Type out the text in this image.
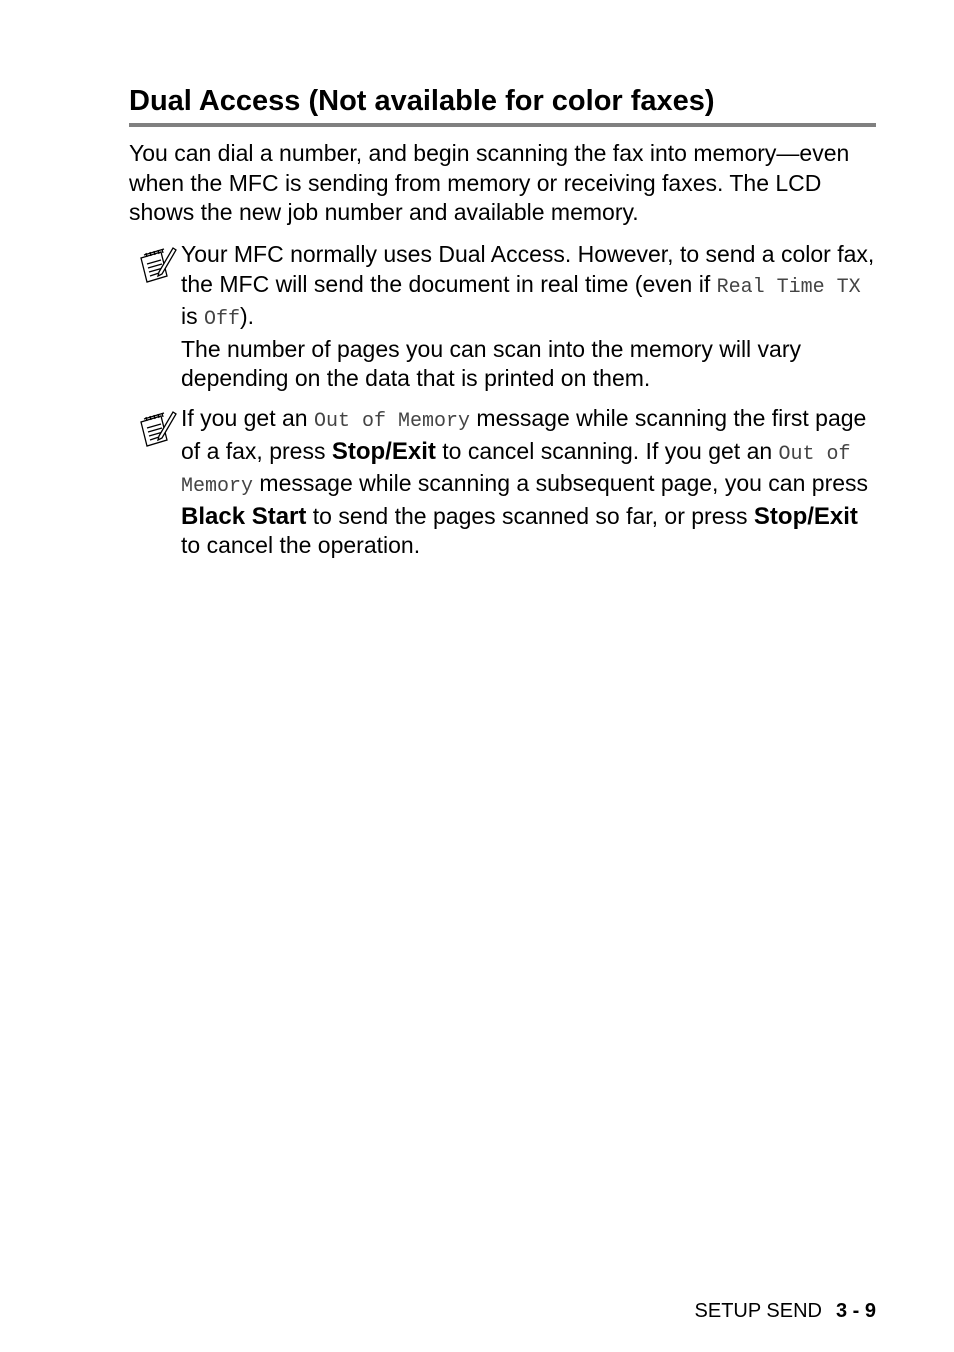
Dual Access (Not available for color faxes)

You can dial a number, and begin scanning the fax into memory—even when the MFC is sending from memory or receiving faxes. The LCD shows the new job number and available memory.

Your MFC normally uses Dual Access. However, to send a color fax, the MFC will send the document in real time (even if Real Time TX is Off).

The number of pages you can scan into the memory will vary depending on the data that is printed on them.

If you get an Out of Memory message while scanning the first page of a fax, press Stop/Exit to cancel scanning. If you get an Out of Memory message while scanning a subsequent page, you can press Black Start to send the pages scanned so far, or press Stop/Exit to cancel the operation.

SETUP SEND 3 - 9
